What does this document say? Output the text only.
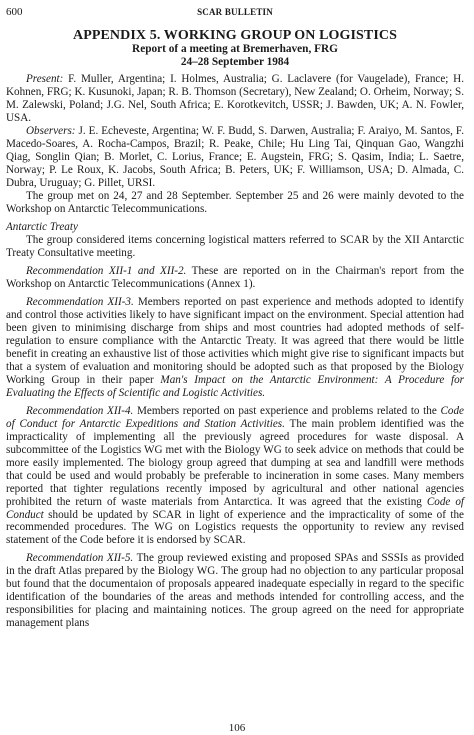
600	SCAR BULLETIN
APPENDIX 5. WORKING GROUP ON LOGISTICS
Report of a meeting at Bremerhaven, FRG
24–28 September 1984

Present: F. Muller, Argentina; I. Holmes, Australia; G. Laclavere (for Vaugelade), France; H. Kohnen, FRG; K. Kusunoki, Japan; R. B. Thomson (Secretary), New Zealand; O. Orheim, Norway; S. M. Zalewski, Poland; J.G. Nel, South Africa; E. Korotkevitch, USSR; J. Bawden, UK; A. N. Fowler, USA.

Observers: J. E. Echeveste, Argentina; W. F. Budd, S. Darwen, Australia; F. Araiyo, M. Santos, F. Macedo-Soares, A. Rocha-Campos, Brazil; R. Peake, Chile; Hu Ling Tai, Qinquan Gao, Wangzhi Qiag, Songlin Qian; B. Morlet, C. Lorius, France; E. Augstein, FRG; S. Qasim, India; L. Saetre, Norway; P. Le Roux, K. Jacobs, South Africa; B. Peters, UK; F. Williamson, USA; D. Almada, C. Dubra, Uruguay; G. Pillet, URSI.

The group met on 24, 27 and 28 September. September 25 and 26 were mainly devoted to the Workshop on Antarctic Telecommunications.

Antarctic Treaty

The group considered items concerning logistical matters referred to SCAR by the XII Antarctic Treaty Consultative meeting.

Recommendation XII-1 and XII-2. These are reported on in the Chairman's report from the Workshop on Antarctic Telecommunications (Annex 1).

Recommendation XII-3. Members reported on past experience and methods adopted to identify and control those activities likely to have significant impact on the environment. Special attention had been given to minimising discharge from ships and most countries had adopted methods of self-regulation to ensure compliance with the Antarctic Treaty. It was agreed that there would be little benefit in creating an exhaustive list of those activities which might give rise to significant impacts but that a system of evaluation and monitoring should be adopted such as that proposed by the Biology Working Group in their paper Man's Impact on the Antarctic Environment: A Procedure for Evaluating the Effects of Scientific and Logistic Activities.

Recommendation XII-4. Members reported on past experience and problems related to the Code of Conduct for Antarctic Expeditions and Station Activities. The main problem identified was the impracticality of implementing all the previously agreed procedures for waste disposal. A subcommittee of the Logistics WG met with the Biology WG to seek advice on methods that could be more easily implemented. The biology group agreed that dumping at sea and landfill were methods that could be used and would probably be preferable to incineration in some cases. Many members reported that tighter regulations recently imposed by agricultural and other national agencies prohibited the return of waste materials from Antarctica. It was agreed that the existing Code of Conduct should be updated by SCAR in light of experience and the impracticality of some of the recommended procedures. The WG on Logistics requests the opportunity to review any revised statement of the Code before it is endorsed by SCAR.

Recommendation XII-5. The group reviewed existing and proposed SPAs and SSSIs as provided in the draft Atlas prepared by the Biology WG. The group had no objection to any particular proposal but found that the documentaion of proposals appeared inadequate especially in regard to the specific identification of the boundaries of the areas and methods intended for controlling access, and the responsibilities for placing and maintaining notices. The group agreed on the need for appropriate management plans

106
